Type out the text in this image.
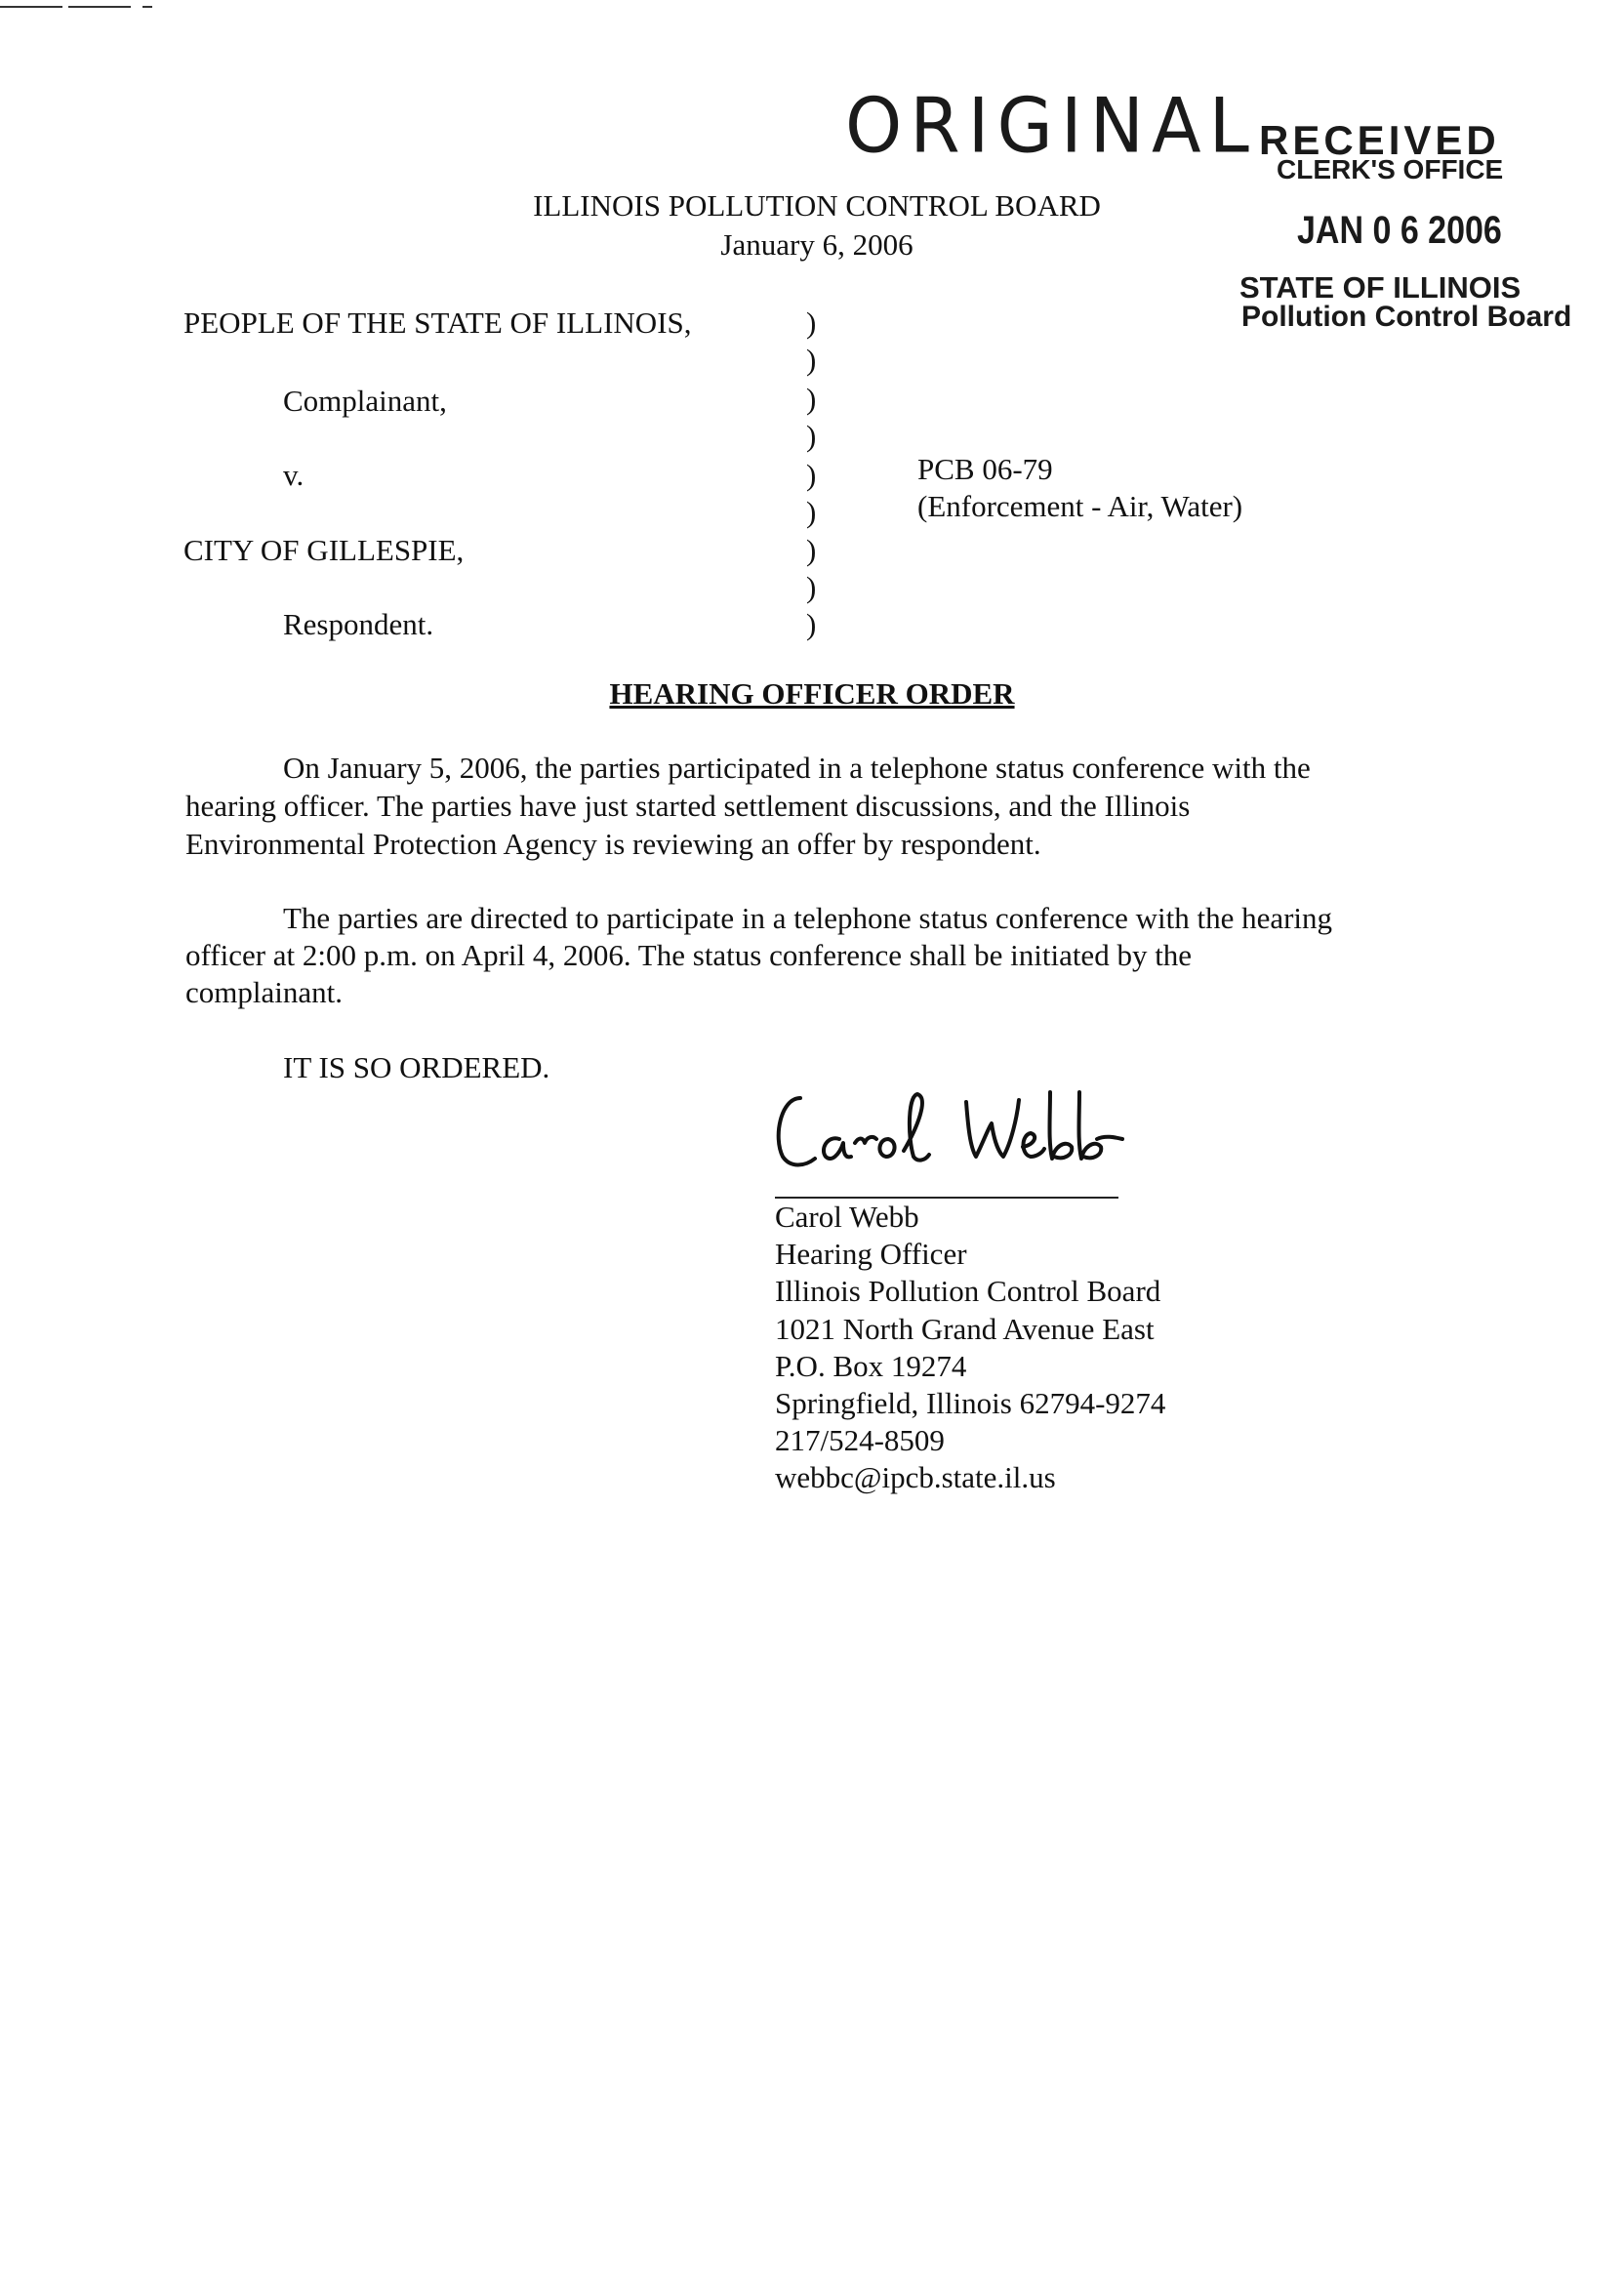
ORIGINAL RECEIVED
CLERK'S OFFICE
JAN 0 6 2006
STATE OF ILLINOIS
Pollution Control Board
ILLINOIS POLLUTION CONTROL BOARD
January 6, 2006
PEOPLE OF THE STATE OF ILLINOIS,
Complainant,
v.
CITY OF GILLESPIE,
Respondent.
)
)
)
)
)
)
)
)
)
PCB 06-79
(Enforcement - Air, Water)
HEARING OFFICER ORDER
On January 5, 2006, the parties participated in a telephone status conference with the
hearing officer. The parties have just started settlement discussions, and the Illinois
Environmental Protection Agency is reviewing an offer by respondent.
The parties are directed to participate in a telephone status conference with the hearing
officer at 2:00 p.m. on April 4, 2006. The status conference shall be initiated by the
complainant.
IT IS SO ORDERED.
Carol Webb
Hearing Officer
Illinois Pollution Control Board
1021 North Grand Avenue East
P.O. Box 19274
Springfield, Illinois 62794-9274
217/524-8509
webbc@ipcb.state.il.us
